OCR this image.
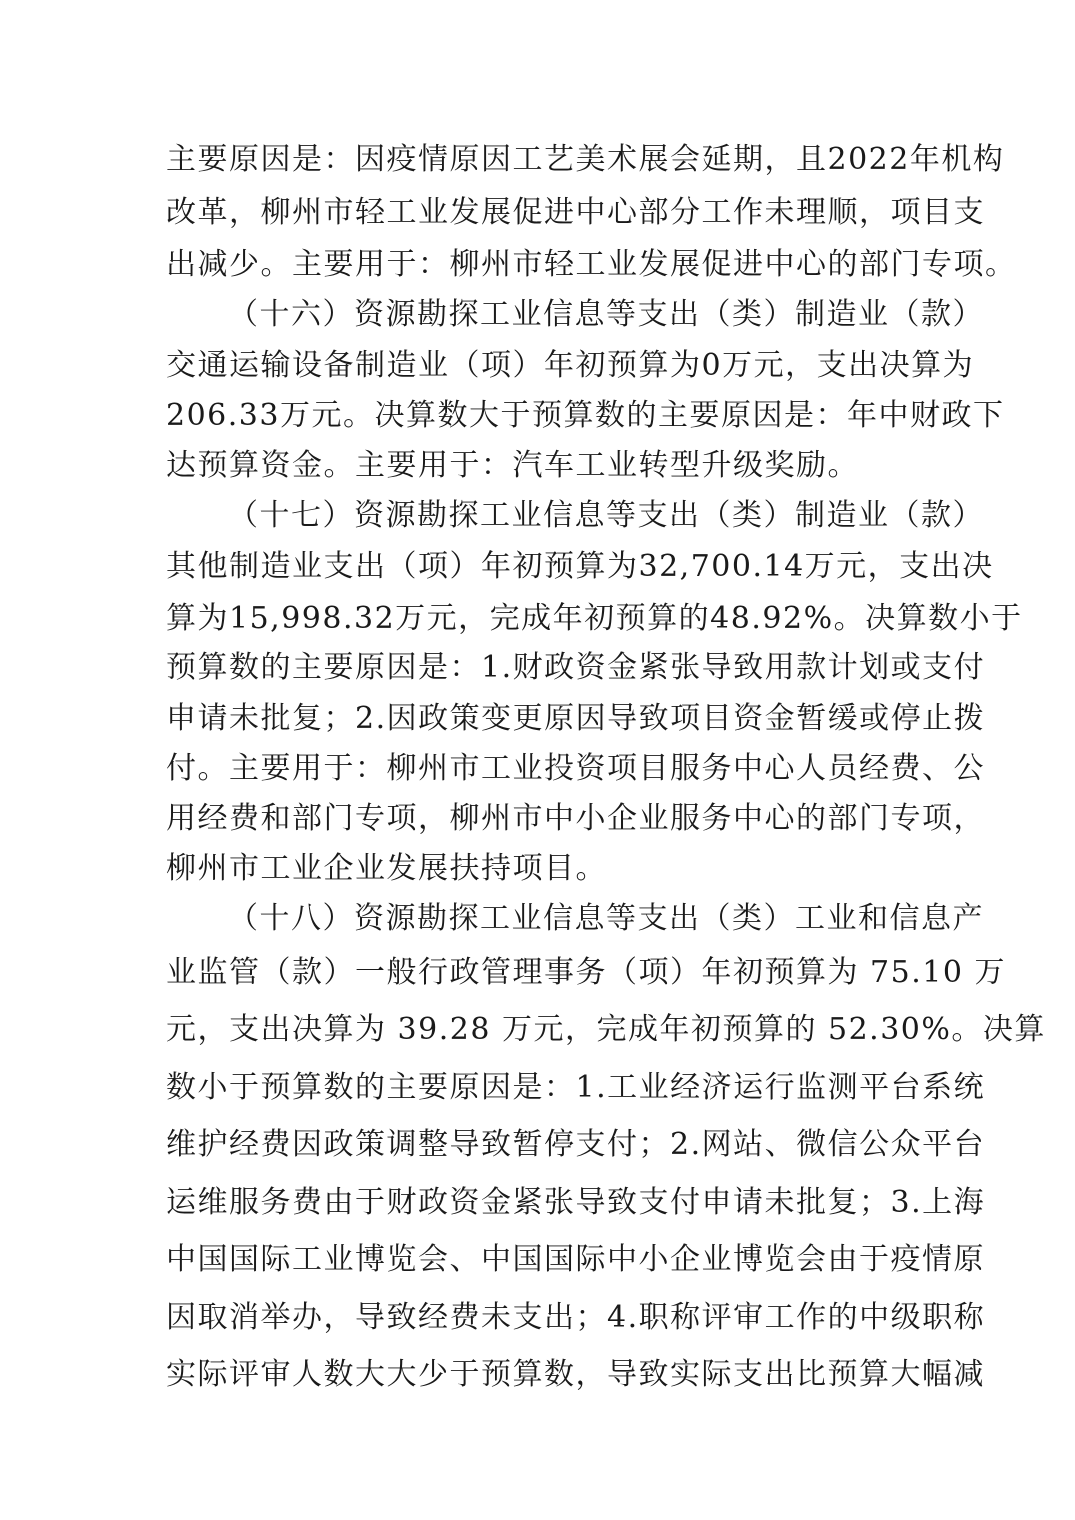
主要原因是：因疫情原因工艺美术展会延期，且2022年机构
改革，柳州市轻工业发展促进中心部分工作未理顺，项目支
出减少。主要用于：柳州市轻工业发展促进中心的部门专项。
（十六）资源勘探工业信息等支出（类）制造业（款）
交通运输设备制造业（项）年初预算为0万元，支出决算为
206.33万元。决算数大于预算数的主要原因是：年中财政下
达预算资金。主要用于：汽车工业转型升级奖励。
（十七）资源勘探工业信息等支出（类）制造业（款）
其他制造业支出（项）年初预算为32,700.14万元，支出决
算为15,998.32万元，完成年初预算的48.92%。决算数小于
预算数的主要原因是：1.财政资金紧张导致用款计划或支付
申请未批复；2.因政策变更原因导致项目资金暂缓或停止拨
付。主要用于：柳州市工业投资项目服务中心人员经费、公
用经费和部门专项，柳州市中小企业服务中心的部门专项，
柳州市工业企业发展扶持项目。
（十八）资源勘探工业信息等支出（类）工业和信息产
业监管（款）一般行政管理事务（项）年初预算为 75.10 万
元，支出决算为 39.28 万元，完成年初预算的 52.30%。决算
数小于预算数的主要原因是：1.工业经济运行监测平台系统
维护经费因政策调整导致暂停支付；2.网站、微信公众平台
运维服务费由于财政资金紧张导致支付申请未批复；3.上海
中国国际工业博览会、中国国际中小企业博览会由于疫情原
因取消举办，导致经费未支出；4.职称评审工作的中级职称
实际评审人数大大少于预算数，导致实际支出比预算大幅减
